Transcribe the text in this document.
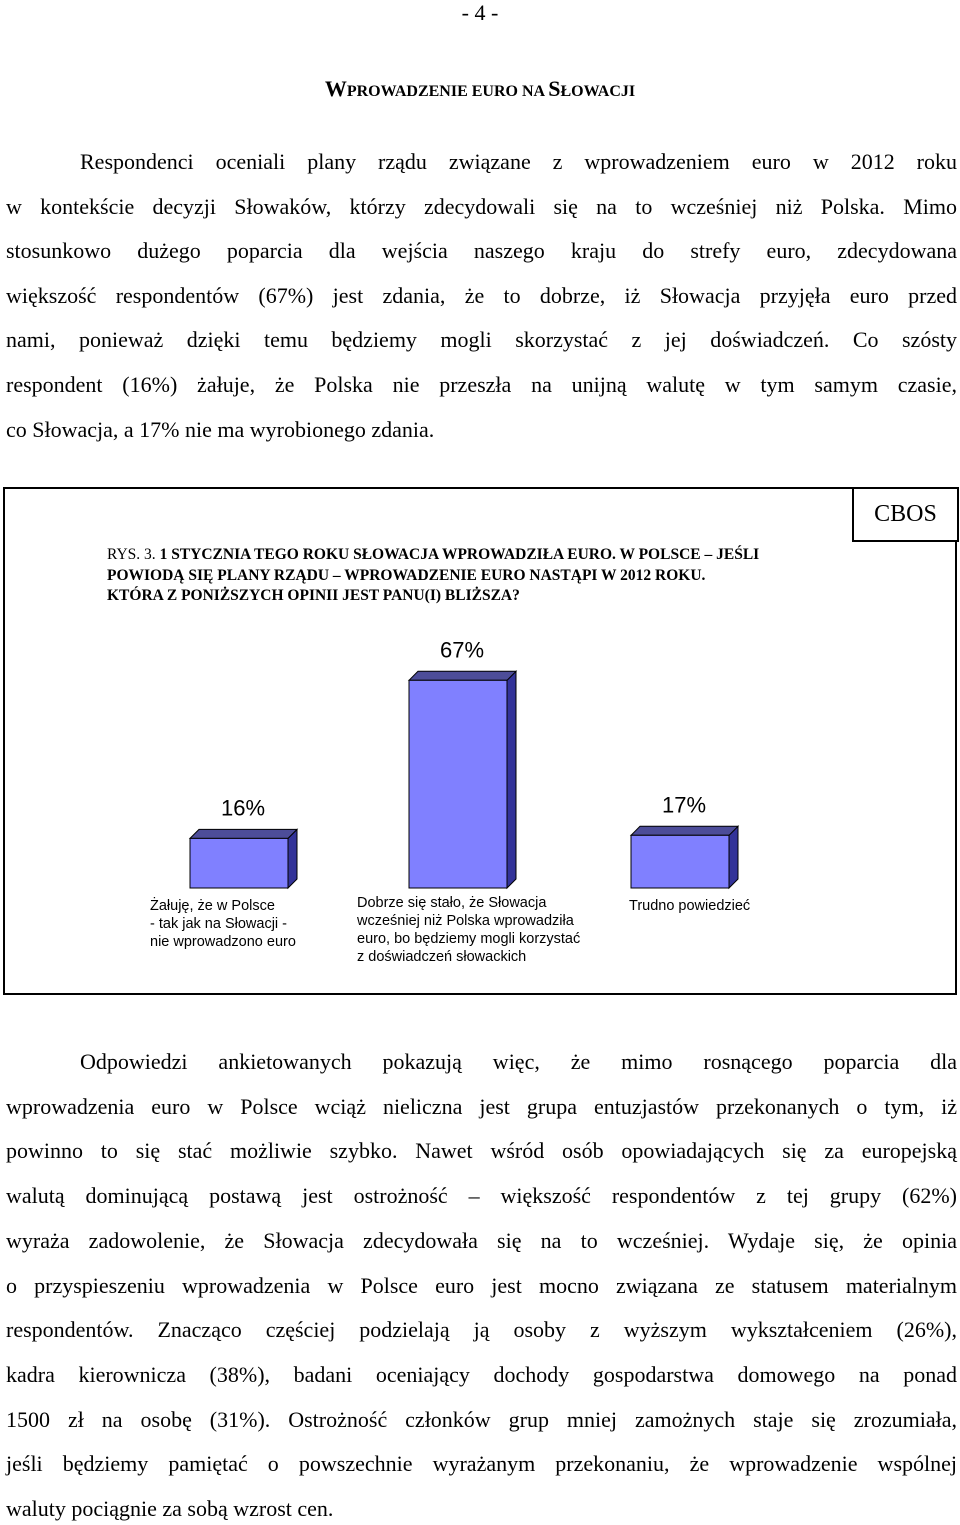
- 4 -
WPROWADZENIE EURO NA SŁOWACJI
Respondenci oceniali plany rządu związane z wprowadzeniem euro w 2012 roku
w kontekście decyzji Słowaków, którzy zdecydowali się na to wcześniej niż Polska. Mimo
stosunkowo dużego poparcia dla wejścia naszego kraju do strefy euro, zdecydowana
większość respondentów (67%) jest zdania, że to dobrze, iż Słowacja przyjęła euro przed
nami, ponieważ dzięki temu będziemy mogli skorzystać z jej doświadczeń. Co szósty
respondent (16%) żałuje, że Polska nie przeszła na unijną walutę w tym samym czasie,
co Słowacja, a 17% nie ma wyrobionego zdania.
CBOS
RYS. 3. 1 STYCZNIA TEGO ROKU SŁOWACJA WPROWADZIŁA EURO. W POLSCE – JEŚLI
POWIODĄ SIĘ PLANY RZĄDU – WPROWADZENIE EURO NASTĄPI W 2012 ROKU.
KTÓRA Z PONIŻSZYCH OPINII JEST PANU(I) BLIŻSZA?
16%
67%
17%
Żałuję, że w Polsce
- tak jak na Słowacji -
nie wprowadzono euro
Dobrze się stało, że Słowacja
wcześniej niż Polska wprowadziła
euro, bo będziemy mogli korzystać
z doświadczeń słowackich
Trudno powiedzieć
Odpowiedzi ankietowanych pokazują więc, że mimo rosnącego poparcia dla
wprowadzenia euro w Polsce wciąż nieliczna jest grupa entuzjastów przekonanych o tym, iż
powinno to się stać możliwie szybko. Nawet wśród osób opowiadających się za europejską
walutą dominującą postawą jest ostrożność – większość respondentów z tej grupy (62%)
wyraża zadowolenie, że Słowacja zdecydowała się na to wcześniej. Wydaje się, że opinia
o przyspieszeniu wprowadzenia w Polsce euro jest mocno związana ze statusem materialnym
respondentów. Znacząco częściej podzielają ją osoby z wyższym wykształceniem (26%),
kadra kierownicza (38%), badani oceniający dochody gospodarstwa domowego na ponad
1500 zł na osobę (31%). Ostrożność członków grup mniej zamożnych staje się zrozumiała,
jeśli będziemy pamiętać o powszechnie wyrażanym przekonaniu, że wprowadzenie wspólnej
waluty pociągnie za sobą wzrost cen.
